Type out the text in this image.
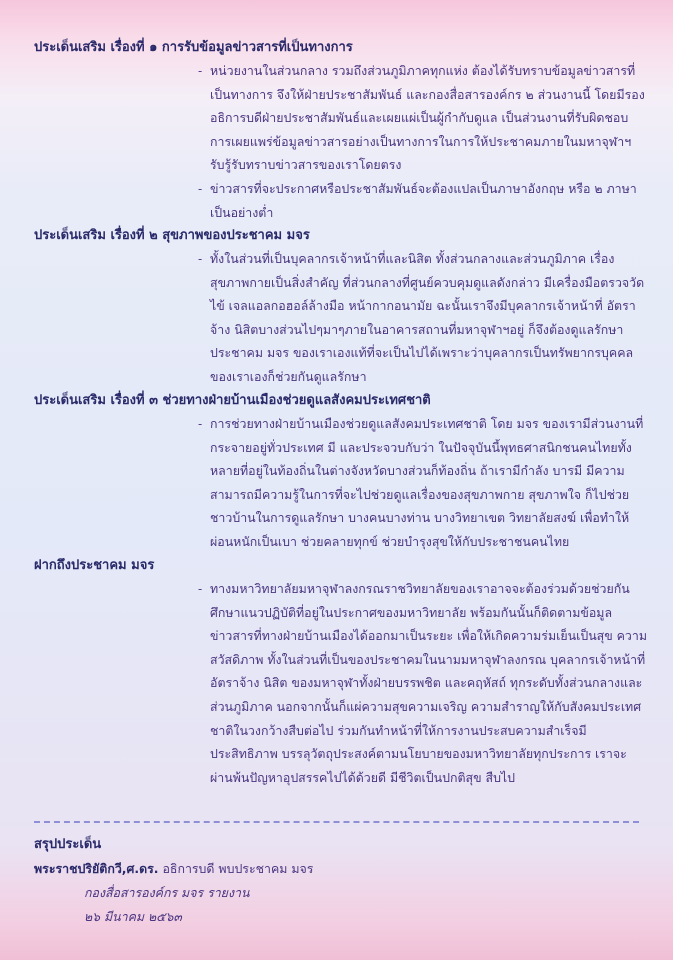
ประเด็นเสริม เรื่องที่ ๑ การรับข้อมูลข่าวสารที่เป็นทางการ
- หน่วยงานในส่วนกลาง รวมถึงส่วนภูมิภาคทุกแห่ง ต้องได้รับทราบข้อมูลข่าวสารที่เป็นทางการ จึงให้ฝ่ายประชาสัมพันธ์ และกองสื่อสารองค์กร ๒ ส่วนงานนี้ โดยมีรองอธิการบดีฝ่ายประชาสัมพันธ์และเผยแผ่เป็นผู้กำกับดูแล เป็นส่วนงานที่รับผิดชอบการเผยแพร่ข้อมูลข่าวสารอย่างเป็นทางการในการให้ประชาคมภายในมหาจุฬาฯ รับรู้รับทราบข่าวสารของเราโดยตรง
- ข่าวสารที่จะประกาศหรือประชาสัมพันธ์จะต้องแปลเป็นภาษาอังกฤษ หรือ ๒ ภาษาเป็นอย่างต่ำ
ประเด็นเสริม เรื่องที่ ๒ สุขภาพของประชาคม มจร
- ทั้งในส่วนที่เป็นบุคลากรเจ้าหน้าที่และนิสิต ทั้งส่วนกลางและส่วนภูมิภาค เรื่องสุขภาพกายเป็นสิ่งสำคัญ ที่ส่วนกลางที่ศูนย์ควบคุมดูแลดังกล่าว มีเครื่องมือตรวจวัดไข้ เจลแอลกอฮอล์ล้างมือ หน้ากากอนามัย ฉะนั้นเราจึงมีบุคลากรเจ้าหน้าที่ อัตราจ้าง นิสิตบางส่วนไปๆมาๆภายในอาคารสถานที่มหาจุฬาฯอยู่ ก็จึงต้องดูแลรักษาประชาคม มจร ของเราเองแท้ที่จะเป็นไปได้เพราะว่าบุคลากรเป็นทรัพยากรบุคคลของเราเองก็ช่วยกันดูแลรักษา
ประเด็นเสริม เรื่องที่ ๓ ช่วยทางฝ่ายบ้านเมืองช่วยดูแลสังคมประเทศชาติ
- การช่วยทางฝ่ายบ้านเมืองช่วยดูแลสังคมประเทศชาติ โดย มจร ของเรามีส่วนงานที่กระจายอยู่ทั่วประเทศ มี และประจวบกับว่า ในปัจจุบันนี้พุทธศาสนิกชนคนไทยทั้งหลายที่อยู่ในท้องถิ่นในต่างจังหวัดบางส่วนก็ท้องถิ่น ถ้าเรามีกำลัง บารมี มีความสามารถมีความรู้ในการที่จะไปช่วยดูแลเรื่องของสุขภาพกาย สุขภาพใจ ก็ไปช่วยชาวบ้านในการดูแลรักษา บางคนบางท่าน บางวิทยาเขต วิทยาลัยสงฆ์ เพื่อทำให้ผ่อนหนักเป็นเบา ช่วยคลายทุกข์ ช่วยบำรุงสุขให้กับประชาชนคนไทย
ฝากถึงประชาคม มจร
- ทางมหาวิทยาลัยมหาจุฬาลงกรณราชวิทยาลัยของเราอาจจะต้องร่วมด้วยช่วยกันศึกษาแนวปฏิบัติที่อยู่ในประกาศของมหาวิทยาลัย พร้อมกันนั้นก็ติดตามข้อมูลข่าวสารที่ทางฝ่ายบ้านเมืองได้ออกมาเป็นระยะ เพื่อให้เกิดความร่มเย็นเป็นสุข ความสวัสดิภาพ ทั้งในส่วนที่เป็นของประชาคมในนามมหาจุฬาลงกรณ บุคลากรเจ้าหน้าที่ อัตราจ้าง นิสิต ของมหาจุฬาทั้งฝ่ายบรรพชิต และคฤหัสถ์ ทุกระดับทั้งส่วนกลางและส่วนภูมิภาค นอกจากนั้นก็แผ่ความสุขความเจริญ ความสำราญให้กับสังคมประเทศชาติในวงกว้างสืบต่อไป ร่วมกันทำหน้าที่ให้การงานประสบความสำเร็จมีประสิทธิภาพ บรรลุวัตถุประสงค์ตามนโยบายของมหาวิทยาลัยทุกประการ เราจะผ่านพ้นปัญหาอุปสรรคไปได้ด้วยดี มีชีวิตเป็นปกติสุข สืบไป
สรุปประเด็น
พระราชปริยัติกวี,ศ.ดร. อธิการบดี พบประชาคม มจร
กองสื่อสารองค์กร มจร รายงาน
๒๖ มีนาคม ๒๕๖๓
